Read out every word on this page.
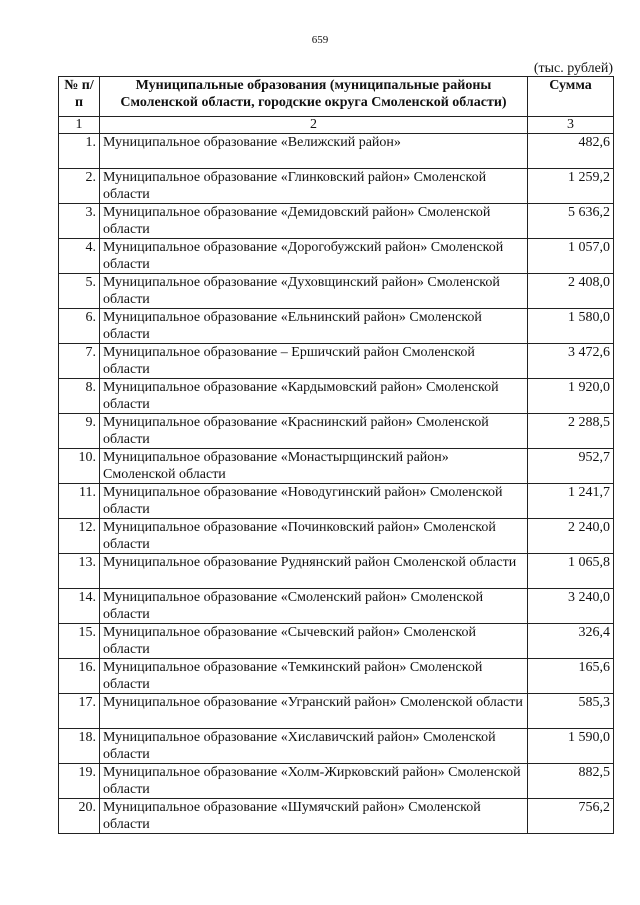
659
(тыс. рублей)
№ п/п	Муниципальные образования (муниципальные районы Смоленской области, городские округа Смоленской области)	Сумма
1	2	3
1.	Муниципальное образование «Велижский район»	482,6
2.	Муниципальное образование «Глинковский район» Смоленской области	1 259,2
3.	Муниципальное образование «Демидовский район» Смоленской области	5 636,2
4.	Муниципальное образование «Дорогобужский район» Смоленской области	1 057,0
5.	Муниципальное образование «Духовщинский район» Смоленской области	2 408,0
6.	Муниципальное образование «Ельнинский район» Смоленской области	1 580,0
7.	Муниципальное образование – Ершичский район Смоленской области	3 472,6
8.	Муниципальное образование «Кардымовский район» Смоленской области	1 920,0
9.	Муниципальное образование «Краснинский район» Смоленской области	2 288,5
10.	Муниципальное образование «Монастырщинский район» Смоленской области	952,7
11.	Муниципальное образование «Новодугинский район» Смоленской области	1 241,7
12.	Муниципальное образование «Починковский район» Смоленской области	2 240,0
13.	Муниципальное образование Руднянский район Смоленской области	1 065,8
14.	Муниципальное образование «Смоленский район» Смоленской области	3 240,0
15.	Муниципальное образование «Сычевский район» Смоленской области	326,4
16.	Муниципальное образование «Темкинский район» Смоленской области	165,6
17.	Муниципальное образование «Угранский район» Смоленской области	585,3
18.	Муниципальное образование «Хиславичский район» Смоленской области	1 590,0
19.	Муниципальное образование «Холм-Жирковский район» Смоленской области	882,5
20.	Муниципальное образование «Шумячский район» Смоленской области	756,2
